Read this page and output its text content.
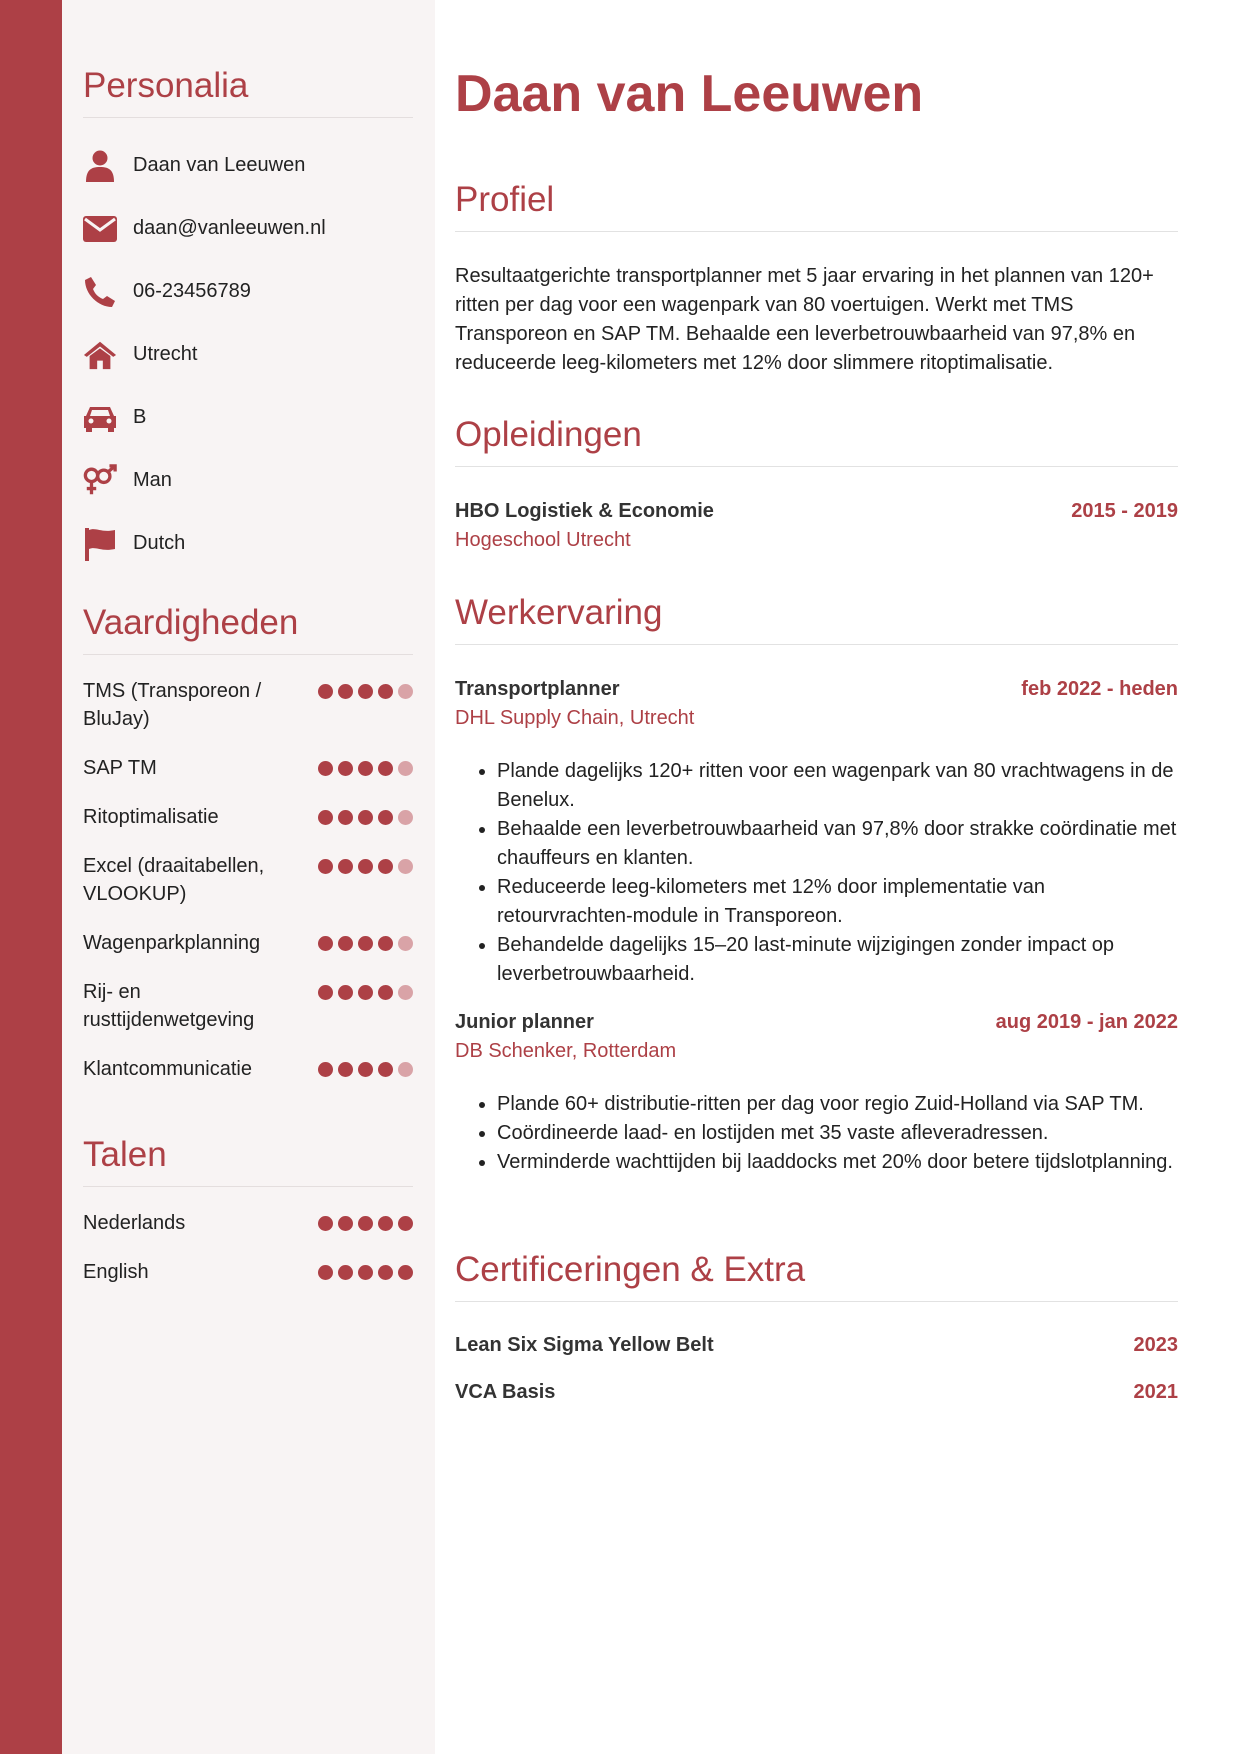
Personalia
Daan van Leeuwen
daan@vanleeuwen.nl
06-23456789
Utrecht
B
Man
Dutch
Vaardigheden
TMS (Transporeon / BluJay)
SAP TM
Ritoptimalisatie
Excel (draaitabellen, VLOOKUP)
Wagenparkplanning
Rij- en rusttijdenwetgeving
Klantcommunicatie
Talen
Nederlands
English
Daan van Leeuwen
Profiel

Resultaatgerichte transportplanner met 5 jaar ervaring in het plannen van 120+ ritten per dag voor een wagenpark van 80 voertuigen. Werkt met TMS Transporeon en SAP TM. Behaalde een leverbetrouwbaarheid van 97,8% en reduceerde leeg-kilometers met 12% door slimmere ritoptimalisatie.

Opleidingen
HBO Logistiek & Economie	2015 - 2019
Hogeschool Utrecht
Werkervaring
Transportplanner	feb 2022 - heden
DHL Supply Chain, Utrecht
• Plande dagelijks 120+ ritten voor een wagenpark van 80 vrachtwagens in de Benelux.
• Behaalde een leverbetrouwbaarheid van 97,8% door strakke coördinatie met chauffeurs en klanten.
• Reduceerde leeg-kilometers met 12% door implementatie van retourvrachten-module in Transporeon.
• Behandelde dagelijks 15–20 last-minute wijzigingen zonder impact op leverbetrouwbaarheid.
Junior planner	aug 2019 - jan 2022
DB Schenker, Rotterdam
• Plande 60+ distributie-ritten per dag voor regio Zuid-Holland via SAP TM.
• Coördineerde laad- en lostijden met 35 vaste afleveradressen.
• Verminderde wachttijden bij laaddocks met 20% door betere tijdslotplanning.
Certificeringen & Extra
Lean Six Sigma Yellow Belt	2023
VCA Basis	2021
